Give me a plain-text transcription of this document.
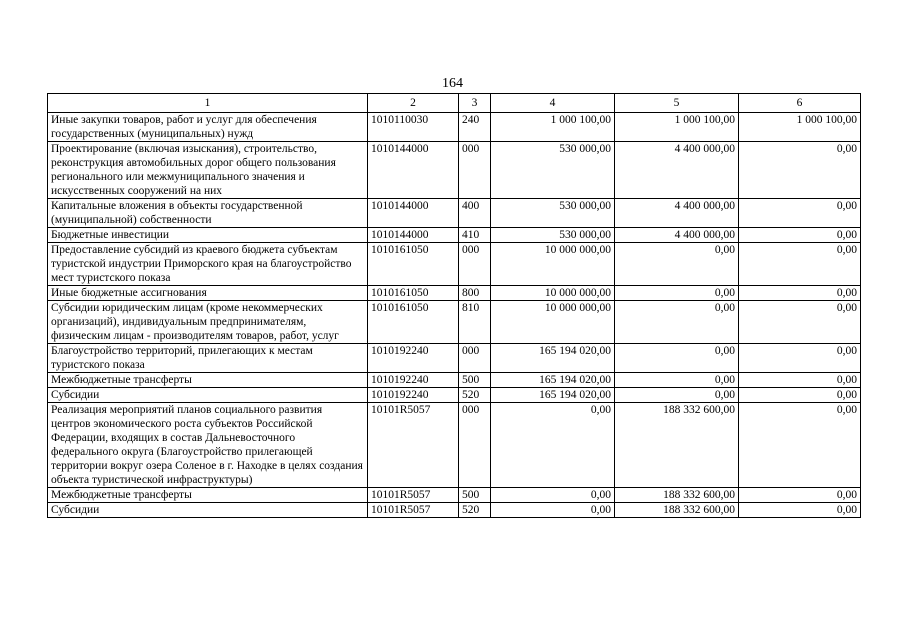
164
1	2	3	4	5	6
Иные закупки товаров, работ и услуг для обеспечения государственных (муниципальных) нужд	1010110030	240	1 000 100,00	1 000 100,00	1 000 100,00
Проектирование (включая изыскания), строительство, реконструкция автомобильных дорог общего пользования регионального или межмуниципального значения и искусственных сооружений на них	1010144000	000	530 000,00	4 400 000,00	0,00
Капитальные вложения в объекты государственной (муниципальной) собственности	1010144000	400	530 000,00	4 400 000,00	0,00
Бюджетные инвестиции	1010144000	410	530 000,00	4 400 000,00	0,00
Предоставление субсидий из краевого бюджета субъектам туристской индустрии Приморского края на благоустройство мест туристского показа	1010161050	000	10 000 000,00	0,00	0,00
Иные бюджетные ассигнования	1010161050	800	10 000 000,00	0,00	0,00
Субсидии юридическим лицам (кроме некоммерческих организаций), индивидуальным предпринимателям, физическим лицам - производителям товаров, работ, услуг	1010161050	810	10 000 000,00	0,00	0,00
Благоустройство территорий, прилегающих к местам туристского показа	1010192240	000	165 194 020,00	0,00	0,00
Межбюджетные трансферты	1010192240	500	165 194 020,00	0,00	0,00
Субсидии	1010192240	520	165 194 020,00	0,00	0,00
Реализация мероприятий планов социального развития центров экономического роста субъектов Российской Федерации, входящих в состав Дальневосточного федерального округа (Благоустройство прилегающей территории вокруг озера Соленое в г. Находке в целях создания объекта туристической инфраструктуры)	10101R5057	000	0,00	188 332 600,00	0,00
Межбюджетные трансферты	10101R5057	500	0,00	188 332 600,00	0,00
Субсидии	10101R5057	520	0,00	188 332 600,00	0,00
